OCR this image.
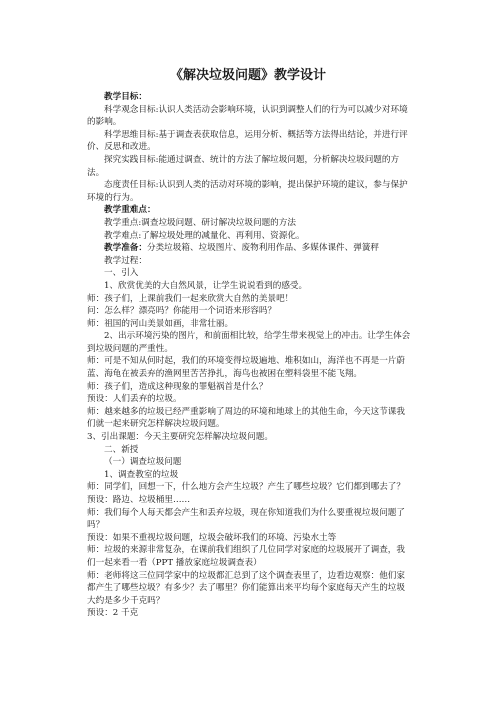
《解决垃圾问题》教学设计

教学目标：

科学观念目标:认识人类活动会影响环境，认识到调整人们的行为可以减少对环境的影响。

科学思维目标:基于调查表获取信息，运用分析、概括等方法得出结论，并进行评价、反思和改进。

探究实践目标:能通过调查、统计的方法了解垃圾问题，分析解决垃圾问题的方法。

态度责任目标:认识到人类的活动对环境的影响，提出保护环境的建议，参与保护环境的行为。

教学重难点：

教学重点:调查垃圾问题、研讨解决垃圾问题的方法

教学难点:了解垃圾处理的减量化、再利用、资源化。

教学准备：分类垃圾箱、垃圾图片、废物利用作品、多媒体课件、弹簧秤

教学过程：

一、引入

1、欣赏优美的大自然风景，让学生说说看到的感受。

师：孩子们，上课前我们一起来欣赏大自然的美景吧！

问：怎么样？漂亮吗？你能用一个词语来形容吗？

师：祖国的河山美景如画，非常壮丽。

2、出示环境污染的图片，和前面相比较，给学生带来视觉上的冲击。让学生体会到垃圾问题的严重性。

师：可是不知从何时起，我们的环境变得垃圾遍地、堆积如山，海洋也不再是一片蔚蓝、海龟在被丢弃的渔网里苦苦挣扎，海鸟也被困在塑料袋里不能飞翔。

师：孩子们，造成这种现象的罪魁祸首是什么？

预设：人们丢弃的垃圾。

师：越来越多的垃圾已经严重影响了周边的环境和地球上的其他生命，今天这节课我们就一起来研究怎样解决垃圾问题。

3、引出课题：今天主要研究怎样解决垃圾问题。

二、新授

（一）调查垃圾问题

1、调查教室的垃圾

师：同学们，回想一下，什么地方会产生垃圾？产生了哪些垃圾？它们都到哪去了？

预设：路边、垃圾桶里……

师：我们每个人每天都会产生和丢弃垃圾，现在你知道我们为什么要重视垃圾问题了吗？

预设：如果不重视垃圾问题，垃圾会破坏我们的环境、污染水土等

师：垃圾的来源非常复杂，在课前我们组织了几位同学对家庭的垃圾展开了调查，我们一起来看一看（PPT 播放家庭垃圾调查表）

师：老师将这三位同学家中的垃圾都汇总到了这个调查表里了，边看边观察：他们家都产生了哪些垃圾？有多少？去了哪里？你们能算出来平均每个家庭每天产生的垃圾大约是多少千克吗？

预设：2 千克
